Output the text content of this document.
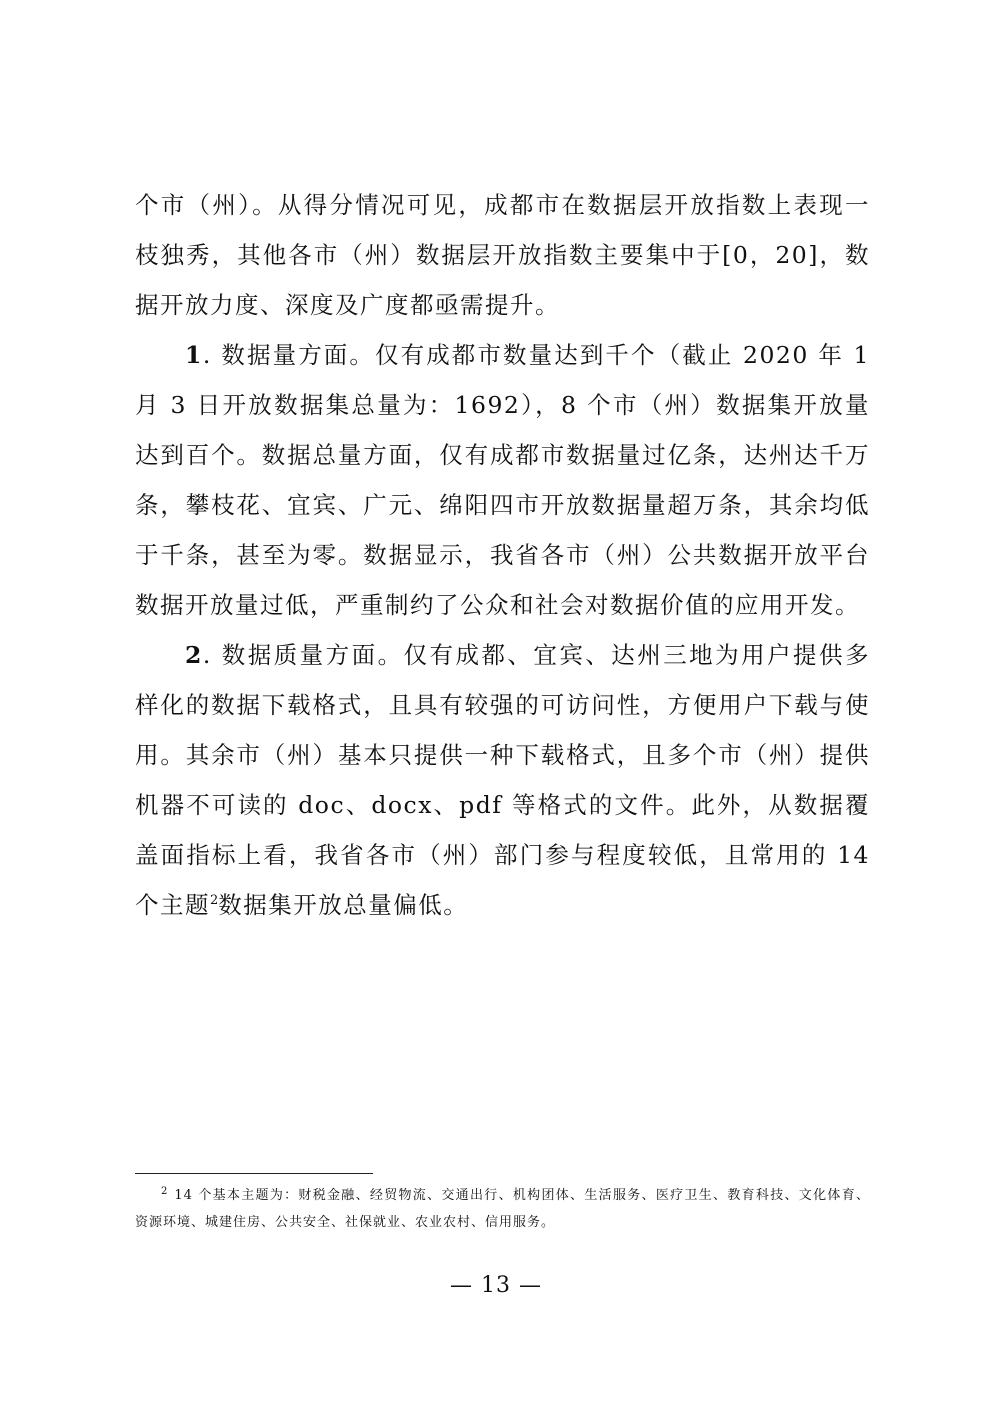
个市（州）。从得分情况可见，成都市在数据层开放指数上表现一枝独秀，其他各市（州）数据层开放指数主要集中于[0，20]，数据开放力度、深度及广度都亟需提升。

1. 数据量方面。仅有成都市数量达到千个（截止 2020 年 1 月 3 日开放数据集总量为：1692），8 个市（州）数据集开放量达到百个。数据总量方面，仅有成都市数据量过亿条，达州达千万条，攀枝花、宜宾、广元、绵阳四市开放数据量超万条，其余均低于千条，甚至为零。数据显示，我省各市（州）公共数据开放平台数据开放量过低，严重制约了公众和社会对数据价值的应用开发。

2. 数据质量方面。仅有成都、宜宾、达州三地为用户提供多样化的数据下载格式，且具有较强的可访问性，方便用户下载与使用。其余市（州）基本只提供一种下载格式，且多个市（州）提供机器不可读的 doc、docx、pdf 等格式的文件。此外，从数据覆盖面指标上看，我省各市（州）部门参与程度较低，且常用的 14 个主题$^2$数据集开放总量偏低。

$^2$ 14 个基本主题为：财税金融、经贸物流、交通出行、机构团体、生活服务、医疗卫生、教育科技、文化体育、资源环境、城建住房、公共安全、社保就业、农业农村、信用服务。
— 13 —
